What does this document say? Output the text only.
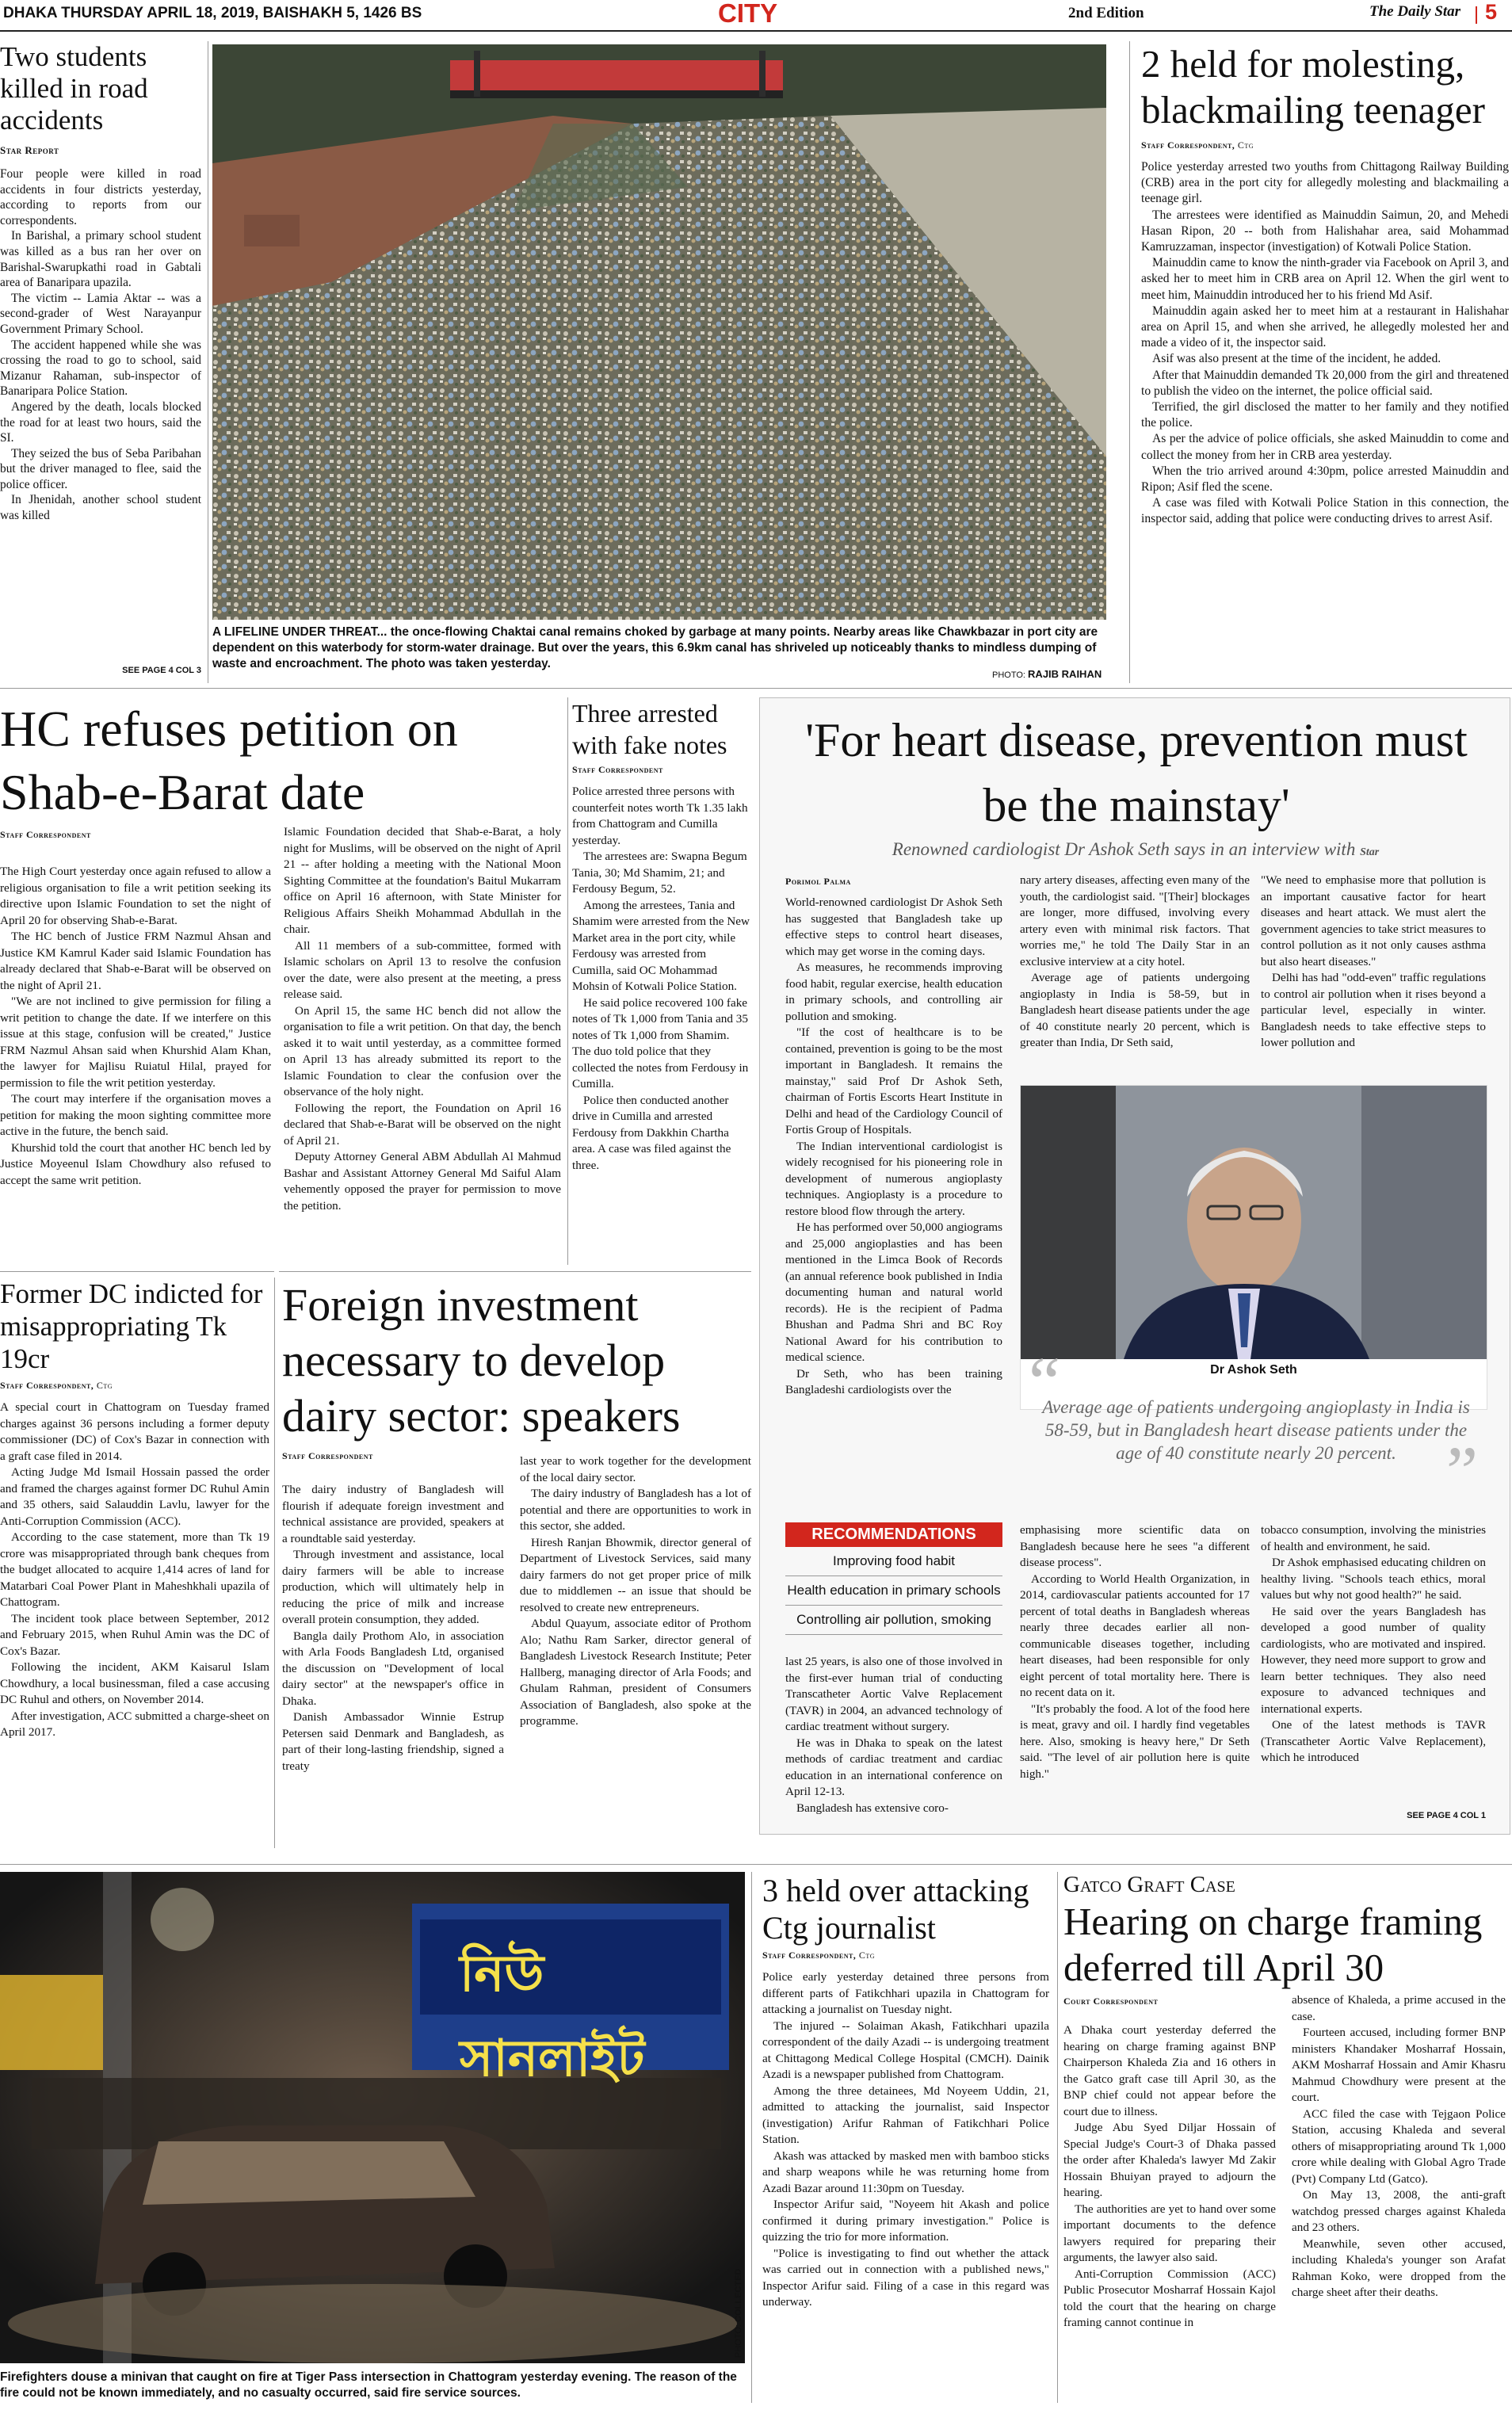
DHAKA THURSDAY APRIL 18, 2019, BAISHAKH 5, 1426 BS	CITY	2nd Edition	The Daily Star 5
Two students killed in road accidents
Star Report

Four people were killed in road accidents in four districts yesterday, according to reports from our correspondents.

In Barishal, a primary school student was killed as a bus ran her over on Barishal-Swarupkathi road in Gabtali area of Banaripara upazila.

The victim -- Lamia Aktar -- was a second-grader of West Narayanpur Government Primary School.

The accident happened while she was crossing the road to go to school, said Mizanur Rahaman, sub-inspector of Banaripara Police Station.

Angered by the death, locals blocked the road for at least two hours, said the SI.

They seized the bus of Seba Paribahan but the driver managed to flee, said the police officer.

In Jhenidah, another school student was killed

SEE PAGE 4 COL 3
A LIFELINE UNDER THREAT... the once-flowing Chaktai canal remains choked by garbage at many points. Nearby areas like Chawkbazar in port city are dependent on this waterbody for storm-water drainage. But over the years, this 6.9km canal has shriveled up noticeably thanks to mindless dumping of waste and encroachment. The photo was taken yesterday.
PHOTO: RAJIB RAIHAN
2 held for molesting, blackmailing teenager
Staff Correspondent, Ctg

Police yesterday arrested two youths from Chittagong Railway Building (CRB) area in the port city for allegedly molesting and blackmailing a teenage girl.

The arrestees were identified as Mainuddin Saimun, 20, and Mehedi Hasan Ripon, 20 -- both from Halishahar area, said Mohammad Kamruzzaman, inspector (investigation) of Kotwali Police Station.

Mainuddin came to know the ninth-grader via Facebook on April 3, and asked her to meet him in CRB area on April 12. When the girl went to meet him, Mainuddin introduced her to his friend Md Asif.

Mainuddin again asked her to meet him at a restaurant in Halishahar area on April 15, and when she arrived, he allegedly molested her and made a video of it, the inspector said.

Asif was also present at the time of the incident, he added.

After that Mainuddin demanded Tk 20,000 from the girl and threatened to publish the video on the internet, the police official said.

Terrified, the girl disclosed the matter to her family and they notified the police.

As per the advice of police officials, she asked Mainuddin to come and collect the money from her in CRB area yesterday.

When the trio arrived around 4:30pm, police arrested Mainuddin and Ripon; Asif fled the scene.

A case was filed with Kotwali Police Station in this connection, the inspector said, adding that police were conducting drives to arrest Asif.

HC refuses petition on Shab-e-Barat date
Staff Correspondent

The High Court yesterday once again refused to allow a religious organisation to file a writ petition seeking its directive upon Islamic Foundation to set the night of April 20 for observing Shab-e-Barat.

The HC bench of Justice FRM Nazmul Ahsan and Justice KM Kamrul Kader said Islamic Foundation has already declared that Shab-e-Barat will be observed on the night of April 21.

"We are not inclined to give permission for filing a writ petition to change the date. If we interfere on this issue at this stage, confusion will be created," Justice FRM Nazmul Ahsan said when Khurshid Alam Khan, the lawyer for Majlisu Ruiatul Hilal, prayed for permission to file the writ petition yesterday.

The court may interfere if the organisation moves a petition for making the moon sighting committee more active in the future, the bench said.

Khurshid told the court that another HC bench led by Justice Moyeenul Islam Chowdhury also refused to accept the same writ petition.

Islamic Foundation decided that Shab-e-Barat, a holy night for Muslims, will be observed on the night of April 21 -- after holding a meeting with the National Moon Sighting Committee at the foundation's Baitul Mukarram office on April 16 afternoon, with State Minister for Religious Affairs Sheikh Mohammad Abdullah in the chair.

All 11 members of a sub-committee, formed with Islamic scholars on April 13 to resolve the confusion over the date, were also present at the meeting, a press release said.

On April 15, the same HC bench did not allow the organisation to file a writ petition. On that day, the bench asked it to wait until yesterday, as a committee formed on April 13 has already submitted its report to the Islamic Foundation to clear the confusion over the observance of the holy night.

Following the report, the Foundation on April 16 declared that Shab-e-Barat will be observed on the night of April 21.

Deputy Attorney General ABM Abdullah Al Mahmud Bashar and Assistant Attorney General Md Saiful Alam vehemently opposed the prayer for permission to move the petition.

Three arrested with fake notes
Staff Correspondent

Police arrested three persons with counterfeit notes worth Tk 1.35 lakh from Chattogram and Cumilla yesterday.

The arrestees are: Swapna Begum Tania, 30; Md Shamim, 21; and Ferdousy Begum, 52.

Among the arrestees, Tania and Shamim were arrested from the New Market area in the port city, while Ferdousy was arrested from Cumilla, said OC Mohammad Mohsin of Kotwali Police Station.

He said police recovered 100 fake notes of Tk 1,000 from Tania and 35 notes of Tk 1,000 from Shamim. The duo told police that they collected the notes from Ferdousy in Cumilla.

Police then conducted another drive in Cumilla and arrested Ferdousy from Dakkhin Chartha area. A case was filed against the three.

'For heart disease, prevention must be the mainstay'
Renowned cardiologist Dr Ashok Seth says in an interview with Star
Porimol Palma

World-renowned cardiologist Dr Ashok Seth has suggested that Bangladesh take up effective steps to control heart diseases, which may get worse in the coming days.

As measures, he recommends improving food habit, regular exercise, health education in primary schools, and controlling air pollution and smoking.

"If the cost of healthcare is to be contained, prevention is going to be the most important in Bangladesh. It remains the mainstay," said Prof Dr Ashok Seth, chairman of Fortis Escorts Heart Institute in Delhi and head of the Cardiology Council of Fortis Group of Hospitals.

The Indian interventional cardiologist is widely recognised for his pioneering role in development of numerous angioplasty techniques. Angioplasty is a procedure to restore blood flow through the artery.

He has performed over 50,000 angiograms and 25,000 angioplasties and has been mentioned in the Limca Book of Records (an annual reference book published in India documenting human and natural world records). He is the recipient of Padma Bhushan and Padma Shri and BC Roy National Award for his contribution to medical science.

Dr Seth, who has been training Bangladeshi cardiologists over the

nary artery diseases, affecting even many of the youth, the cardiologist said. "[Their] blockages are longer, more diffused, involving every artery even with minimal risk factors. That worries me," he told The Daily Star in an exclusive interview at a city hotel.

Average age of patients undergoing angioplasty in India is 58-59, but in Bangladesh heart disease patients under the age of 40 constitute nearly 20 percent, which is greater than India, Dr Seth said,

"We need to emphasise more that pollution is an important causative factor for heart diseases and heart attack. We must alert the government agencies to take strict measures to control pollution as it not only causes asthma but also heart diseases."

Delhi has had "odd-even" traffic regulations to control air pollution when it rises beyond a particular level, especially in winter. Bangladesh needs to take effective steps to lower pollution and

Dr Ashok Seth
“
Average age of patients undergoing angioplasty in India is 58-59, but in Bangladesh heart disease patients under the age of 40 constitute nearly 20 percent. ”
RECOMMENDATIONS
Improving food habit
Health education in primary schools
Controlling air pollution, smoking

last 25 years, is also one of those involved in the first-ever human trial of conducting Transcatheter Aortic Valve Replacement (TAVR) in 2004, an advanced technology of cardiac treatment without surgery.

He was in Dhaka to speak on the latest methods of cardiac treatment and cardiac education in an international conference on April 12-13.

Bangladesh has extensive coro-

emphasising more scientific data on Bangladesh because here he sees "a different disease process".

According to World Health Organization, in 2014, cardiovascular patients accounted for 17 percent of total deaths in Bangladesh whereas nearly three decades earlier all non-communicable diseases together, including heart diseases, had been responsible for only eight percent of total mortality here. There is no recent data on it.

"It's probably the food. A lot of the food here is meat, gravy and oil. I hardly find vegetables here. Also, smoking is heavy here," Dr Seth said. "The level of air pollution here is quite high."

tobacco consumption, involving the ministries of health and environment, he said.

Dr Ashok emphasised educating children on healthy living. "Schools teach ethics, moral values but why not good health?" he said.

He said over the years Bangladesh has developed a good number of quality cardiologists, who are motivated and inspired. However, they need more support to grow and learn better techniques. They also need exposure to advanced techniques and international experts.

One of the latest methods is TAVR (Transcatheter Aortic Valve Replacement), which he introduced

SEE PAGE 4 COL 1
Former DC indicted for misappropriating Tk 19cr
Staff Correspondent, Ctg

A special court in Chattogram on Tuesday framed charges against 36 persons including a former deputy commissioner (DC) of Cox's Bazar in connection with a graft case filed in 2014.

Acting Judge Md Ismail Hossain passed the order and framed the charges against former DC Ruhul Amin and 35 others, said Salauddin Lavlu, lawyer for the Anti-Corruption Commission (ACC).

According to the case statement, more than Tk 19 crore was misappropriated through bank cheques from the budget allocated to acquire 1,414 acres of land for Matarbari Coal Power Plant in Maheshkhali upazila of Chattogram.

The incident took place between September, 2012 and February 2015, when Ruhul Amin was the DC of Cox's Bazar.

Following the incident, AKM Kaisarul Islam Chowdhury, a local businessman, filed a case accusing DC Ruhul and others, on November 2014.

After investigation, ACC submitted a charge-sheet on April 2017.

Foreign investment necessary to develop dairy sector: speakers
Staff Correspondent

The dairy industry of Bangladesh will flourish if adequate foreign investment and technical assistance are provided, speakers at a roundtable said yesterday.

Through investment and assistance, local dairy farmers will be able to increase production, which will ultimately help in reducing the price of milk and increase overall protein consumption, they added.

Bangla daily Prothom Alo, in association with Arla Foods Bangladesh Ltd, organised the discussion on "Development of local dairy sector" at the newspaper's office in Dhaka.

Danish Ambassador Winnie Estrup Petersen said Denmark and Bangladesh, as part of their long-lasting friendship, signed a treaty

last year to work together for the development of the local dairy sector.

The dairy industry of Bangladesh has a lot of potential and there are opportunities to work in this sector, she added.

Hiresh Ranjan Bhowmik, director general of Department of Livestock Services, said many dairy farmers do not get proper price of milk due to middlemen -- an issue that should be resolved to create new entrepreneurs.

Abdul Quayum, associate editor of Prothom Alo; Nathu Ram Sarker, director general of Bangladesh Livestock Research Institute; Peter Hallberg, managing director of Arla Foods; and Ghulam Rahman, president of Consumers Association of Bangladesh, also spoke at the programme.

নিউ সানলাইট
PHOTO: COLLECTED
Firefighters douse a minivan that caught on fire at Tiger Pass intersection in Chattogram yesterday evening. The reason of the fire could not be known immediately, and no casualty occurred, said fire service sources.
3 held over attacking Ctg journalist
Staff Correspondent, Ctg

Police early yesterday detained three persons from different parts of Fatikchhari upazila in Chattogram for attacking a journalist on Tuesday night.

The injured -- Solaiman Akash, Fatikchhari upazila correspondent of the daily Azadi -- is undergoing treatment at Chittagong Medical College Hospital (CMCH). Dainik Azadi is a newspaper published from Chattogram.

Among the three detainees, Md Noyeem Uddin, 21, admitted to attacking the journalist, said Inspector (investigation) Arifur Rahman of Fatikchhari Police Station.

Akash was attacked by masked men with bamboo sticks and sharp weapons while he was returning home from Azadi Bazar around 11:30pm on Tuesday.

Inspector Arifur said, "Noyeem hit Akash and police confirmed it during primary investigation." Police is quizzing the trio for more information.

"Police is investigating to find out whether the attack was carried out in connection with a published news," Inspector Arifur said. Filing of a case in this regard was underway.

Gatco Graft Case
Hearing on charge framing deferred till April 30
Court Correspondent

A Dhaka court yesterday deferred the hearing on charge framing against BNP Chairperson Khaleda Zia and 16 others in the Gatco graft case till April 30, as the BNP chief could not appear before the court due to illness.

Judge Abu Syed Diljar Hossain of Special Judge's Court-3 of Dhaka passed the order after Khaleda's lawyer Md Zakir Hossain Bhuiyan prayed to adjourn the hearing.

The authorities are yet to hand over some important documents to the defence lawyers required for preparing their arguments, the lawyer also said.

Anti-Corruption Commission (ACC) Public Prosecutor Mosharraf Hossain Kajol told the court that the hearing on charge framing cannot continue in

absence of Khaleda, a prime accused in the case.

Fourteen accused, including former BNP ministers Khandaker Mosharraf Hossain, AKM Mosharraf Hossain and Amir Khasru Mahmud Chowdhury were present at the court.

ACC filed the case with Tejgaon Police Station, accusing Khaleda and several others of misappropriating around Tk 1,000 crore while dealing with Global Agro Trade (Pvt) Company Ltd (Gatco).

On May 13, 2008, the anti-graft watchdog pressed charges against Khaleda and 23 others.

Meanwhile, seven other accused, including Khaleda's younger son Arafat Rahman Koko, were dropped from the charge sheet after their deaths.
